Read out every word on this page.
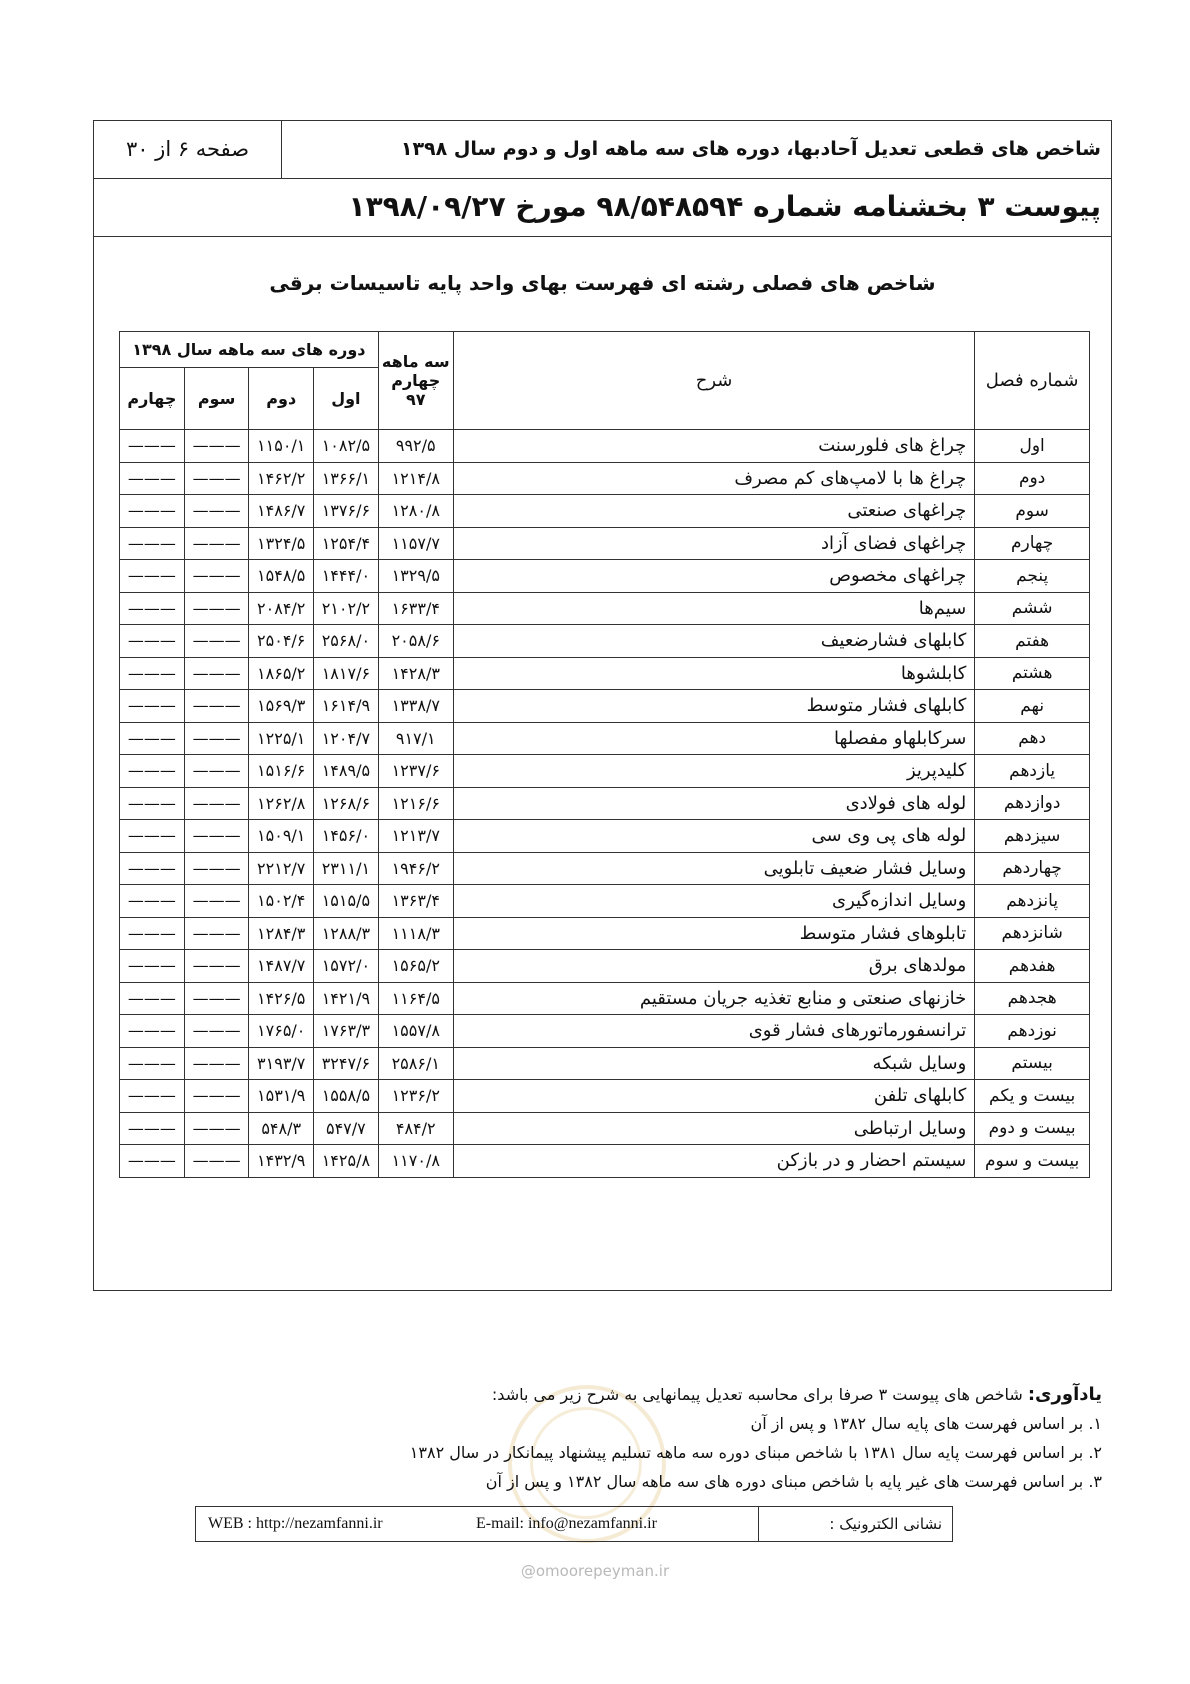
شاخص های قطعی تعدیل آحادبها، دوره های سه ماهه اول و دوم سال ۱۳۹۸
صفحه ۶ از ۳۰
پیوست ۳ بخشنامه شماره ۹۸/۵۴۸۵۹۴ مورخ ۱۳۹۸/۰۹/۲۷
شاخص های فصلی رشته ای فهرست بهای واحد پایه تاسیسات برقی
شماره فصل	شرح	سه ماهه چهارم ۹۷	دوره های سه ماهه سال ۱۳۹۸			
			اول	دوم	سوم	چهارم
اول	چراغ های فلورسنت	۹۹۲/۵	۱۰۸۲/۵	۱۱۵۰/۱	———	———
دوم	چراغ ها با لامپ‌های کم مصرف	۱۲۱۴/۸	۱۳۶۶/۱	۱۴۶۲/۲	———	———
سوم	چراغهای صنعتی	۱۲۸۰/۸	۱۳۷۶/۶	۱۴۸۶/۷	———	———
چهارم	چراغهای فضای آزاد	۱۱۵۷/۷	۱۲۵۴/۴	۱۳۲۴/۵	———	———
پنجم	چراغهای مخصوص	۱۳۲۹/۵	۱۴۴۴/۰	۱۵۴۸/۵	———	———
ششم	سیم‌ها	۱۶۳۳/۴	۲۱۰۲/۲	۲۰۸۴/۲	———	———
هفتم	کابلهای فشارضعیف	۲۰۵۸/۶	۲۵۶۸/۰	۲۵۰۴/۶	———	———
هشتم	کابلشوها	۱۴۲۸/۳	۱۸۱۷/۶	۱۸۶۵/۲	———	———
نهم	کابلهای فشار متوسط	۱۳۳۸/۷	۱۶۱۴/۹	۱۵۶۹/۳	———	———
دهم	سرکابلهاو مفصلها	۹۱۷/۱	۱۲۰۴/۷	۱۲۲۵/۱	———	———
یازدهم	کلیدپریز	۱۲۳۷/۶	۱۴۸۹/۵	۱۵۱۶/۶	———	———
دوازدهم	لوله های فولادی	۱۲۱۶/۶	۱۲۶۸/۶	۱۲۶۲/۸	———	———
سیزدهم	لوله های پی‌ وی‌ سی	۱۲۱۳/۷	۱۴۵۶/۰	۱۵۰۹/۱	———	———
چهاردهم	وسایل فشار ضعیف تابلویی	۱۹۴۶/۲	۲۳۱۱/۱	۲۲۱۲/۷	———	———
پانزدهم	وسایل اندازه‌گیری	۱۳۶۳/۴	۱۵۱۵/۵	۱۵۰۲/۴	———	———
شانزدهم	تابلوهای فشار متوسط	۱۱۱۸/۳	۱۲۸۸/۳	۱۲۸۴/۳	———	———
هفدهم	مولدهای برق	۱۵۶۵/۲	۱۵۷۲/۰	۱۴۸۷/۷	———	———
هجدهم	خازنهای صنعتی و منابع تغذیه جریان مستقیم	۱۱۶۴/۵	۱۴۲۱/۹	۱۴۲۶/۵	———	———
نوزدهم	ترانسفورماتورهای فشار قوی	۱۵۵۷/۸	۱۷۶۳/۳	۱۷۶۵/۰	———	———
بیستم	وسایل شبکه	۲۵۸۶/۱	۳۲۴۷/۶	۳۱۹۳/۷	———	———
بیست و یکم	کابلهای تلفن	۱۲۳۶/۲	۱۵۵۸/۵	۱۵۳۱/۹	———	———
بیست و دوم	وسایل ارتباطی	۴۸۴/۲	۵۴۷/۷	۵۴۸/۳	———	———
بیست و سوم	سیستم احضار و در بازکن	۱۱۷۰/۸	۱۴۲۵/۸	۱۴۳۲/۹	———	———
یادآوری: شاخص های پیوست ۳ صرفا برای محاسبه تعدیل پیمانهایی به شرح زیر می باشد:
۱. بر اساس فهرست های پایه سال ۱۳۸۲ و پس از آن
۲. بر اساس فهرست پایه سال ۱۳۸۱ با شاخص مبنای دوره سه ماهه تسلیم پیشنهاد پیمانکار در سال ۱۳۸۲
۳. بر اساس فهرست های غیر پایه با شاخص مبنای دوره های سه ماهه سال ۱۳۸۲ و پس از آن
نشانی الکترونیک :
E-mail: info@nezamfanni.ir
WEB : http://nezamfanni.ir
@omoorepeyman.ir
